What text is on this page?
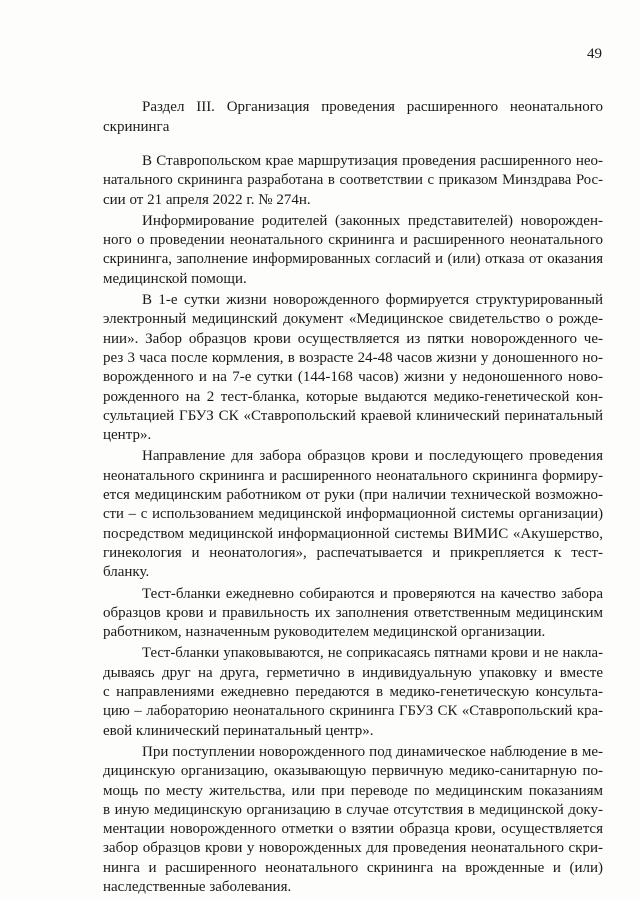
49
Раздел III. Организация проведения расширенного неонатального
скрининга

В Ставропольском крае маршрутизация проведения расширенного нео-
натального скрининга разработана в соответствии с приказом Минздрава Рос-
сии от 21 апреля 2022 г. № 274н.

Информирование родителей (законных представителей) новорожден-
ного о проведении неонатального скрининга и расширенного неонатального
скрининга, заполнение информированных согласий и (или) отказа от оказания
медицинской помощи.

В 1-е сутки жизни новорожденного формируется структурированный
электронный медицинский документ «Медицинское свидетельство о рожде-
нии». Забор образцов крови осуществляется из пятки новорожденного че-
рез 3 часа после кормления, в возрасте 24-48 часов жизни у доношенного но-
ворожденного и на 7-е сутки (144-168 часов) жизни у недоношенного ново-
рожденного на 2 тест-бланка, которые выдаются медико-генетической кон-
сультацией ГБУЗ СК «Ставропольский краевой клинический перинатальный
центр».

Направление для забора образцов крови и последующего проведения
неонатального скрининга и расширенного неонатального скрининга формиру-
ется медицинским работником от руки (при наличии технической возможно-
сти – с использованием медицинской информационной системы организации)
посредством медицинской информационной системы ВИМИС «Акушерство,
гинекология и неонатология», распечатывается и прикрепляется к тест-
бланку.

Тест-бланки ежедневно собираются и проверяются на качество забора
образцов крови и правильность их заполнения ответственным медицинским
работником, назначенным руководителем медицинской организации.

Тест-бланки упаковываются, не соприкасаясь пятнами крови и не накла-
дываясь друг на друга, герметично в индивидуальную упаковку и вместе
с направлениями ежедневно передаются в медико-генетическую консульта-
цию – лабораторию неонатального скрининга ГБУЗ СК «Ставропольский кра-
евой клинический перинатальный центр».

При поступлении новорожденного под динамическое наблюдение в ме-
дицинскую организацию, оказывающую первичную медико-санитарную по-
мощь по месту жительства, или при переводе по медицинским показаниям
в иную медицинскую организацию в случае отсутствия в медицинской доку-
ментации новорожденного отметки о взятии образца крови, осуществляется
забор образцов крови у новорожденных для проведения неонатального скри-
нинга и расширенного неонатального скрининга на врожденные и (или)
наследственные заболевания.
